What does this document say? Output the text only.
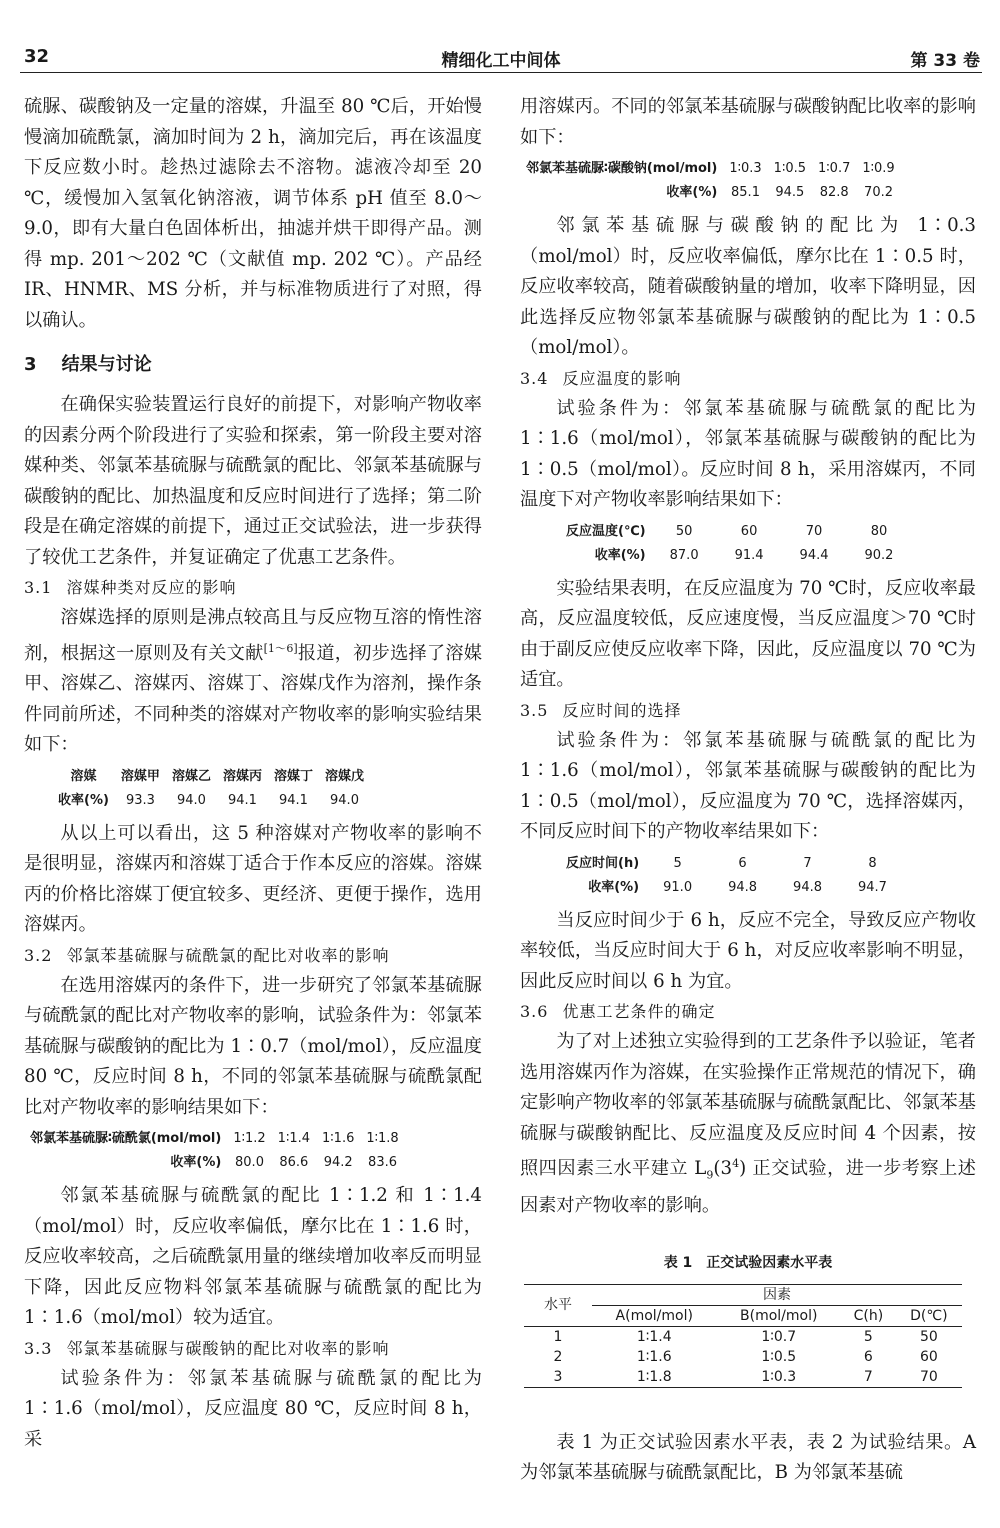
32	精细化工中间体	第 33 卷

硫脲、碳酸钠及一定量的溶媒，升温至 80 ℃后，开始慢慢滴加硫酰氯，滴加时间为 2 h，滴加完后，再在该温度下反应数小时。趁热过滤除去不溶物。滤液冷却至 20 ℃，缓慢加入氢氧化钠溶液，调节体系 pH 值至 8.0～9.0，即有大量白色固体析出，抽滤并烘干即得产品。测得 mp. 201～202 ℃（文献值 mp. 202 ℃）。产品经 IR、HNMR、MS 分析，并与标准物质进行了对照，得以确认。

3 结果与讨论

在确保实验装置运行良好的前提下，对影响产物收率的因素分两个阶段进行了实验和探索，第一阶段主要对溶媒种类、邻氯苯基硫脲与硫酰氯的配比、邻氯苯基硫脲与碳酸钠的配比、加热温度和反应时间进行了选择；第二阶段是在确定溶媒的前提下，通过正交试验法，进一步获得了较优工艺条件，并复证确定了优惠工艺条件。

3.1 溶媒种类对反应的影响

溶媒选择的原则是沸点较高且与反应物互溶的惰性溶剂，根据这一原则及有关文献[1～6]报道，初步选择了溶媒甲、溶媒乙、溶媒丙、溶媒丁、溶媒戊作为溶剂，操作条件同前所述，不同种类的溶媒对产物收率的影响实验结果如下：

溶媒	溶媒甲	溶媒乙	溶媒丙	溶媒丁	溶媒戊
收率(%)	93.3	94.0	94.1	94.1	94.0

从以上可以看出，这 5 种溶媒对产物收率的影响不是很明显，溶媒丙和溶媒丁适合于作本反应的溶媒。溶媒丙的价格比溶媒丁便宜较多、更经济、更便于操作，选用溶媒丙。

3.2 邻氯苯基硫脲与硫酰氯的配比对收率的影响

在选用溶媒丙的条件下，进一步研究了邻氯苯基硫脲与硫酰氯的配比对产物收率的影响，试验条件为：邻氯苯基硫脲与碳酸钠的配比为 1∶0.7（mol/mol），反应温度 80 ℃，反应时间 8 h，不同的邻氯苯基硫脲与硫酰氯配比对产物收率的影响结果如下：

邻氯苯基硫脲∶硫酰氯(mol/mol)	1∶1.2	1∶1.4	1∶1.6	1∶1.8
收率(%)	80.0	86.6	94.2	83.6

邻氯苯基硫脲与硫酰氯的配比 1∶1.2 和 1∶1.4（mol/mol）时，反应收率偏低，摩尔比在 1∶1.6 时，反应收率较高，之后硫酰氯用量的继续增加收率反而明显下降，因此反应物料邻氯苯基硫脲与硫酰氯的配比为 1∶1.6（mol/mol）较为适宜。

3.3 邻氯苯基硫脲与碳酸钠的配比对收率的影响

试验条件为：邻氯苯基硫脲与硫酰氯的配比为 1∶1.6（mol/mol），反应温度 80 ℃，反应时间 8 h，采

用溶媒丙。不同的邻氯苯基硫脲与碳酸钠配比收率的影响如下：

邻氯苯基硫脲∶碳酸钠(mol/mol)	1∶0.3	1∶0.5	1∶0.7	1∶0.9
收率(%)	85.1	94.5	82.8	70.2

邻氯苯基硫脲与碳酸钠的配比为 1∶0.3（mol/mol）时，反应收率偏低，摩尔比在 1∶0.5 时，反应收率较高，随着碳酸钠量的增加，收率下降明显，因此选择反应物邻氯苯基硫脲与碳酸钠的配比为 1∶0.5（mol/mol）。

3.4 反应温度的影响

试验条件为：邻氯苯基硫脲与硫酰氯的配比为 1∶1.6（mol/mol），邻氯苯基硫脲与碳酸钠的配比为 1∶0.5（mol/mol）。反应时间 8 h，采用溶媒丙，不同温度下对产物收率影响结果如下：

反应温度(℃)	50	60	70	80
收率(%)	87.0	91.4	94.4	90.2

实验结果表明，在反应温度为 70 ℃时，反应收率最高，反应温度较低，反应速度慢，当反应温度＞70 ℃时由于副反应使反应收率下降，因此，反应温度以 70 ℃为适宜。

3.5 反应时间的选择

试验条件为：邻氯苯基硫脲与硫酰氯的配比为 1∶1.6（mol/mol），邻氯苯基硫脲与碳酸钠的配比为 1∶0.5（mol/mol），反应温度为 70 ℃，选择溶媒丙，不同反应时间下的产物收率结果如下：

反应时间(h)	5	6	7	8
收率(%)	91.0	94.8	94.8	94.7

当反应时间少于 6 h，反应不完全，导致反应产物收率较低，当反应时间大于 6 h，对反应收率影响不明显，因此反应时间以 6 h 为宜。

3.6 优惠工艺条件的确定

为了对上述独立实验得到的工艺条件予以验证，笔者选用溶媒丙作为溶媒，在实验操作正常规范的情况下，确定影响产物收率的邻氯苯基硫脲与硫酰氯配比、邻氯苯基硫脲与碳酸钠配比、反应温度及反应时间 4 个因素，按照四因素三水平建立 $L_9(3^4)$ 正交试验，进一步考察上述因素对产物收率的影响。

表 1　正交试验因素水平表
水平	因素			
	A(mol/mol)	B(mol/mol)	C(h)	D(℃)
1	1∶1.4	1∶0.7	5	50
2	1∶1.6	1∶0.5	6	60
3	1∶1.8	1∶0.3	7	70

表 1 为正交试验因素水平表，表 2 为试验结果。A 为邻氯苯基硫脲与硫酰氯配比，B 为邻氯苯基硫
